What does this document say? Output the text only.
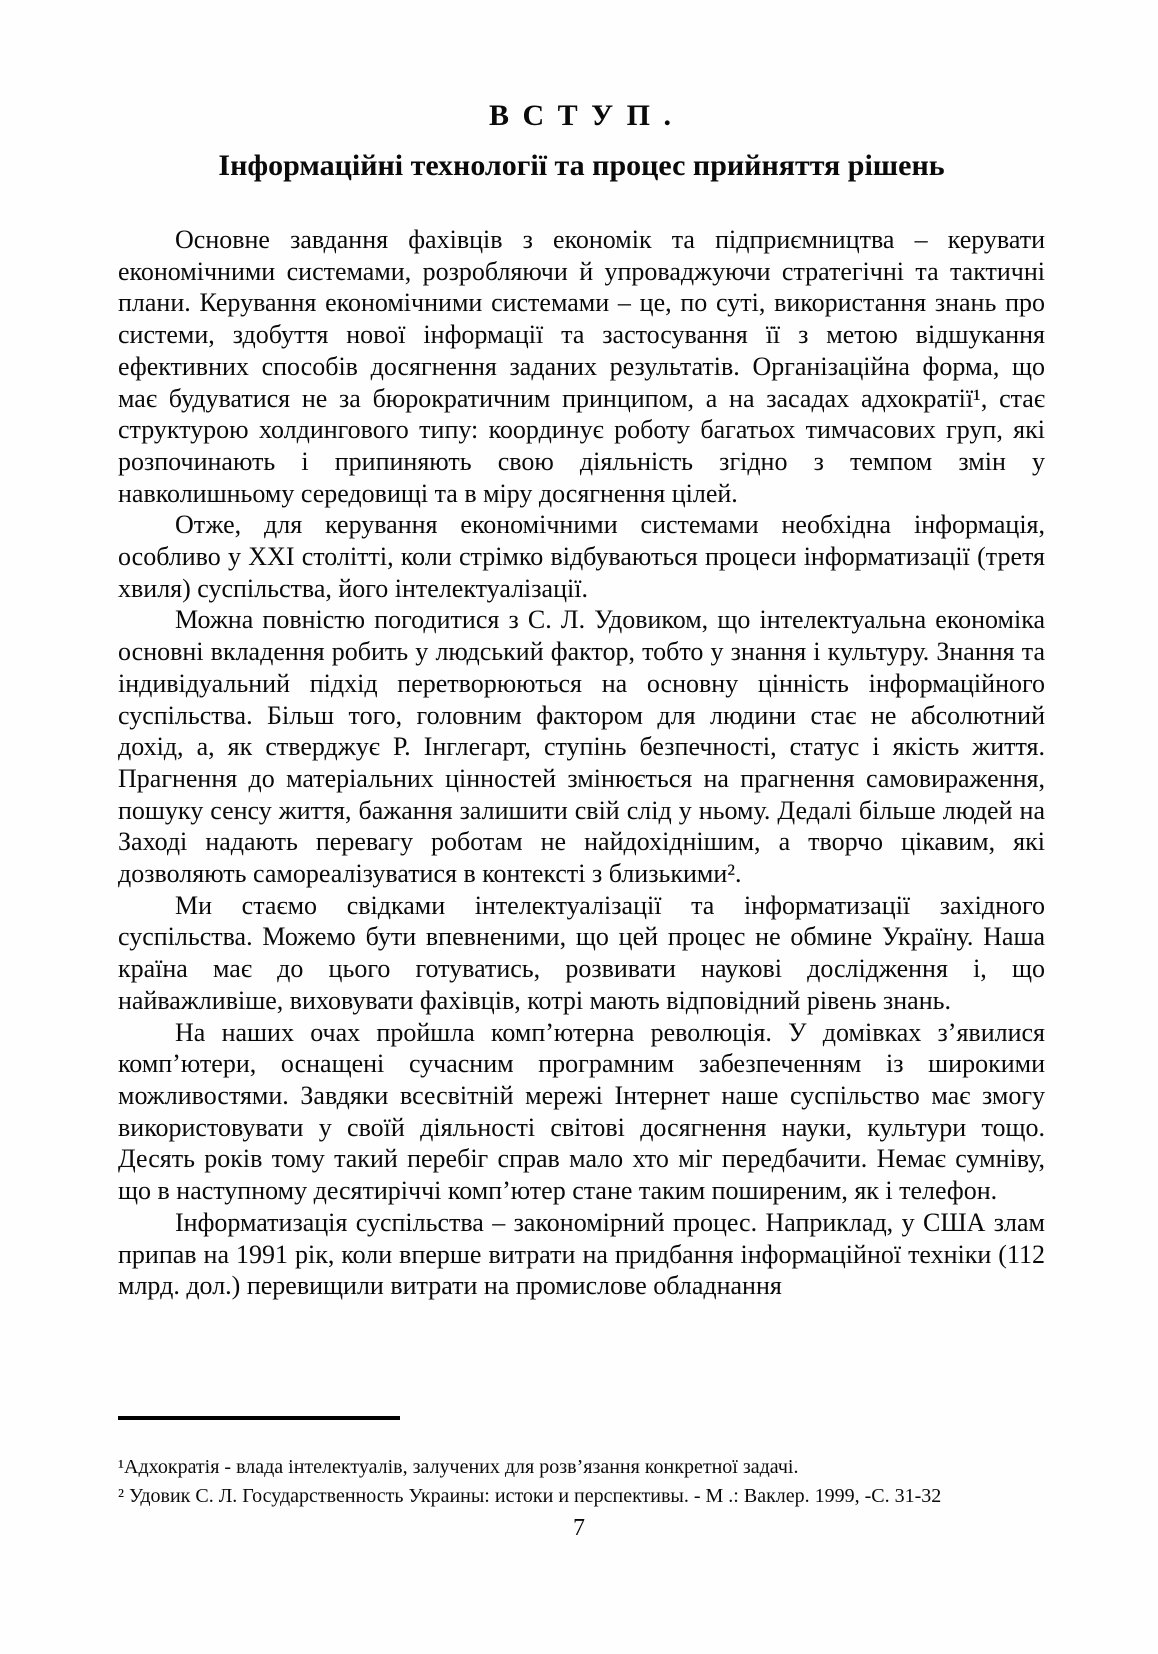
В С Т У П .
Інформаційні технології та процес прийняття рішень

Основне завдання фахівців з економік та підприємництва – керувати економічними системами, розробляючи й упроваджуючи стратегічні та тактичні плани. Керування економічними системами – це, по суті, використання знань про системи, здобуття нової інформації та застосування її з метою відшукання ефективних способів досягнення заданих результатів. Організаційна форма, що має будуватися не за бюрократичним принципом, а на засадах адхократії¹, стає структурою холдингового типу: координує роботу багатьох тимчасових груп, які розпочинають і припиняють свою діяльність згідно з темпом змін у навколишньому середовищі та в міру досягнення цілей.

Отже, для керування економічними системами необхідна інформація, особливо у XXI столітті, коли стрімко відбуваються процеси інформатизації (третя хвиля) суспільства, його інтелектуалізації.

Можна повністю погодитися з С. Л. Удовиком, що інтелектуальна економіка основні вкладення робить у людський фактор, тобто у знання і культуру. Знання та індивідуальний підхід перетворюються на основну цінність інформаційного суспільства. Більш того, головним фактором для людини стає не абсолютний дохід, а, як стверджує Р. Інглегарт, ступінь безпечності, статус і якість життя. Прагнення до матеріальних цінностей змінюється на прагнення самовираження, пошуку сенсу життя, бажання залишити свій слід у ньому. Дедалі більше людей на Заході надають перевагу роботам не найдохіднішим, а творчо цікавим, які дозволяють самореалізуватися в контексті з близькими².

Ми стаємо свідками інтелектуалізації та інформатизації західного суспільства. Можемо бути впевненими, що цей процес не обмине Україну. Наша країна має до цього готуватись, розвивати наукові дослідження і, що найважливіше, виховувати фахівців, котрі мають відповідний рівень знань.

На наших очах пройшла комп’ютерна революція. У домівках з’явилися комп’ютери, оснащені сучасним програмним забезпеченням із широкими можливостями. Завдяки всесвітній мережі Інтернет наше суспільство має змогу використовувати у своїй діяльності світові досягнення науки, культури тощо. Десять років тому такий перебіг справ мало хто міг передбачити. Немає сумніву, що в наступному десятиріччі комп’ютер стане таким поширеним, як і телефон.

Інформатизація суспільства – закономірний процес. Наприклад, у США злам припав на 1991 рік, коли вперше витрати на придбання інформаційної техніки (112 млрд. дол.) перевищили витрати на промислове обладнання

¹Адхократія - влада інтелектуалів, залучених для розв’язання конкретної задачі.

² Удовик С. Л. Государственность Украины: истоки и перспективы. - М .: Ваклер. 1999, -С. 31-32

7
